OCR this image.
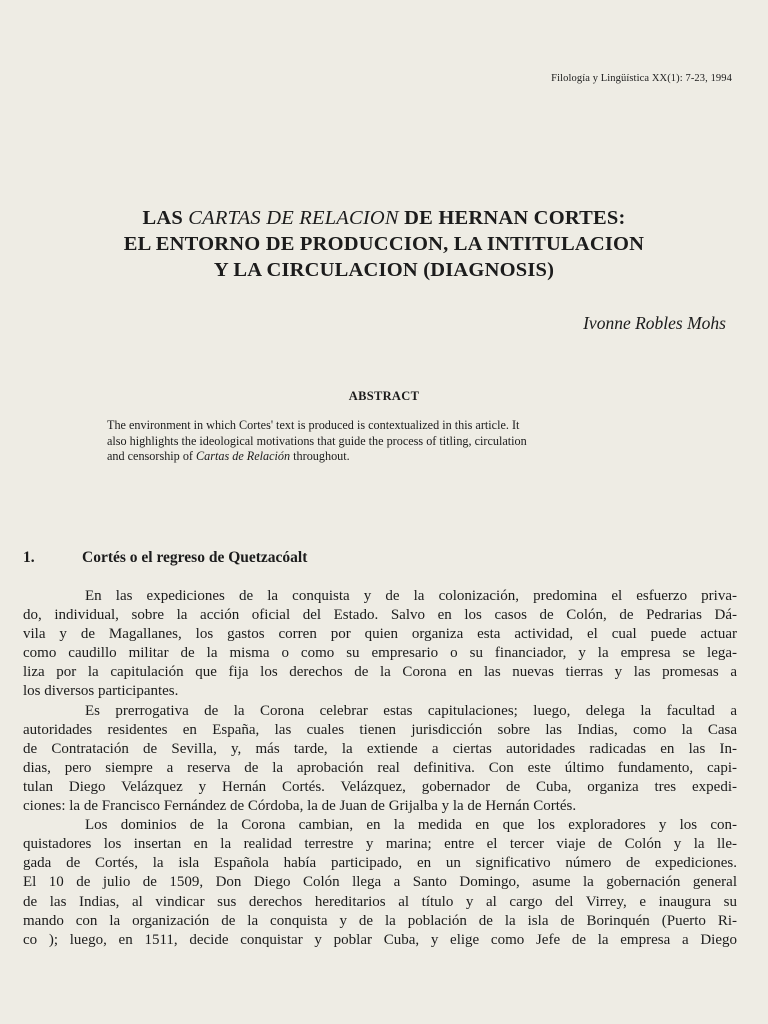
Filología y Lingüística XX(1): 7-23, 1994
LAS CARTAS DE RELACION DE HERNAN CORTES:
EL ENTORNO DE PRODUCCION, LA INTITULACION
Y LA CIRCULACION (DIAGNOSIS)
Ivonne Robles Mohs
ABSTRACT
The environment in which Cortes' text is produced is contextualized in this article. It
also highlights the ideological motivations that guide the process of titling, circulation
and censorship of Cartas de Relación throughout.
1.	Cortés o el regreso de Quetzacóalt
En las expediciones de la conquista y de la colonización, predomina el esfuerzo priva-
do, individual, sobre la acción oficial del Estado. Salvo en los casos de Colón, de Pedrarias Dá-
vila y de Magallanes, los gastos corren por quien organiza esta actividad, el cual puede actuar
como caudillo militar de la misma o como su empresario o su financiador, y la empresa se lega-
liza por la capitulación que fija los derechos de la Corona en las nuevas tierras y las promesas a
los diversos participantes.
Es prerrogativa de la Corona celebrar estas capitulaciones; luego, delega la facultad a
autoridades residentes en España, las cuales tienen jurisdicción sobre las Indias, como la Casa
de Contratación de Sevilla, y, más tarde, la extiende a ciertas autoridades radicadas en las In-
dias, pero siempre a reserva de la aprobación real definitiva. Con este último fundamento, capi-
tulan Diego Velázquez y Hernán Cortés. Velázquez, gobernador de Cuba, organiza tres expedi-
ciones: la de Francisco Fernández de Córdoba, la de Juan de Grijalba y la de Hernán Cortés.
Los dominios de la Corona cambian, en la medida en que los exploradores y los con-
quistadores los insertan en la realidad terrestre y marina; entre el tercer viaje de Colón y la lle-
gada de Cortés, la isla Española había participado, en un significativo número de expediciones.
El 10 de julio de 1509, Don Diego Colón llega a Santo Domingo, asume la gobernación general
de las Indias, al vindicar sus derechos hereditarios al título y al cargo del Virrey, e inaugura su
mando con la organización de la conquista y de la población de la isla de Borinquén (Puerto Ri-
co ); luego, en 1511, decide conquistar y poblar Cuba, y elige como Jefe de la empresa a Diego
